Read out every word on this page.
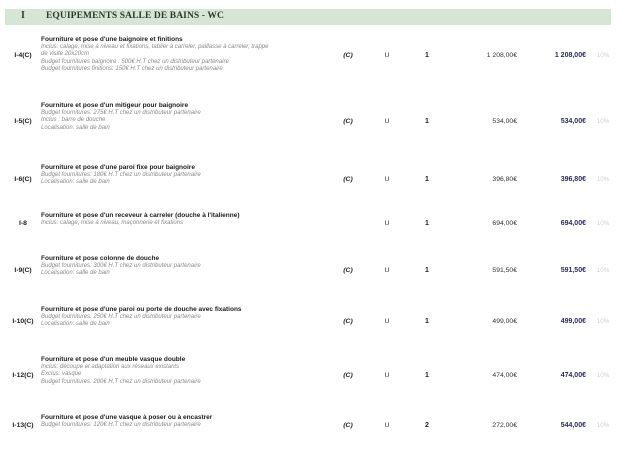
I EQUIPEMENTS SALLE DE BAINS - WC
I-4(C)
Fourniture et pose d'une baignoire et finitions
Inclus: calage, mise à niveau et fixations, tablier à carreler, paillasse à carreler, trappe
de visite 20x20cm
Budget fournitures baignoire : 500€ H.T chez un distributeur partenaire
Budget fournitures finitions: 150€ H.T chez un distributeur partenaire
(C)	U	1	1 208,00€	1 208,00€	10%
I-5(C)
Fourniture et pose d'un mitigeur pour baignoire
Budget fournitures: 275€ H.T chez un distributeur partenaire
Inclus : barre de douche
Localisation: salle de bain
(C)	U	1	534,00€	534,00€	10%
I-6(C)
Fourniture et pose d'une paroi fixe pour baignoire
Budget fournitures: 180€ H.T chez un distributeur partenaire
Localisation: salle de bain	(C)	U	1	396,80€	396,80€	10%
I-8
Fourniture et pose d'un receveur à carreler (douche à l'italienne)
Inclus: calage, mise à niveau, maçonnerie et fixations	U	1	694,00€	694,00€	10%
I-9(C)
Fourniture et pose colonne de douche
Budget fournitures: 300€ H.T chez un distributeur partenaire
Localisation: salle de bain	(C)	U	1	591,50€	591,50€	10%
I-10(C)
Fourniture et pose d'une paroi ou porte de douche avec fixations
Budget fournitures: 250€ H.T chez un distributeur partenaire
Localisation: salle de bain	(C)	U	1	499,00€	499,00€	10%
I-12(C)
Fourniture et pose d'un meuble vasque double
Inclus: découpe et adaptation aux réseaux existants
Exclus: vasque
Budget fournitures: 200€ H.T chez un distributeur partenaire
(C)	U	1	474,00€	474,00€	10%
I-13(C)
Fourniture et pose d'une vasque à poser ou à encastrer
Budget fournitures: 120€ H.T chez un distributeur partenaire	(C)	U	2	272,00€	544,00€	10%
